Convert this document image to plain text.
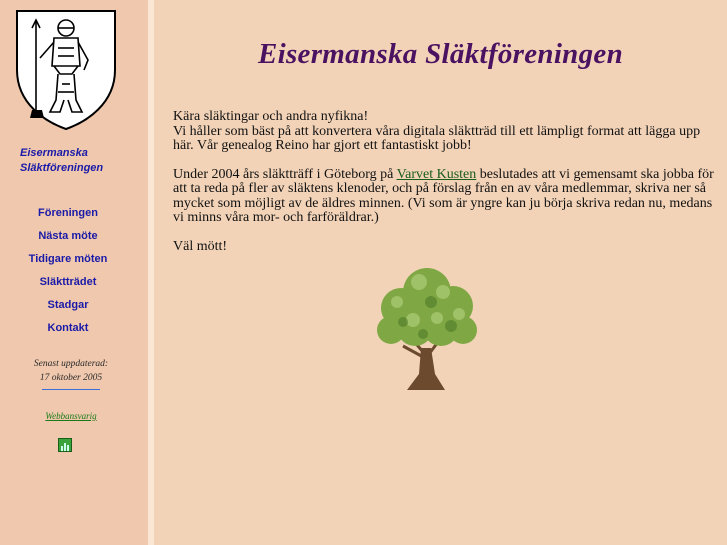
Eisermanska
Släktföreningen
Föreningen
Nästa möte
Tidigare möten
Släktträdet
Stadgar
Kontakt
Senast uppdaterad:
17 oktober 2005
Webbansvarig
Eisermanska Släktföreningen

Kära släktingar och andra nyfikna!
Vi håller som bäst på att konvertera våra digitala släktträd till ett lämpligt format att lägga upp här. Vår genealog Reino har gjort ett fantastiskt jobb!

Under 2004 års släktträff i Göteborg på Varvet Kusten beslutades att vi gemensamt ska jobba för att ta reda på fler av släktens klenoder, och på förslag från en av våra medlemmar, skriva ner så mycket som möjligt av de äldres minnen. (Vi som är yngre kan ju börja skriva redan nu, medans vi minns våra mor- och farföräldrar.)

Väl mött!
